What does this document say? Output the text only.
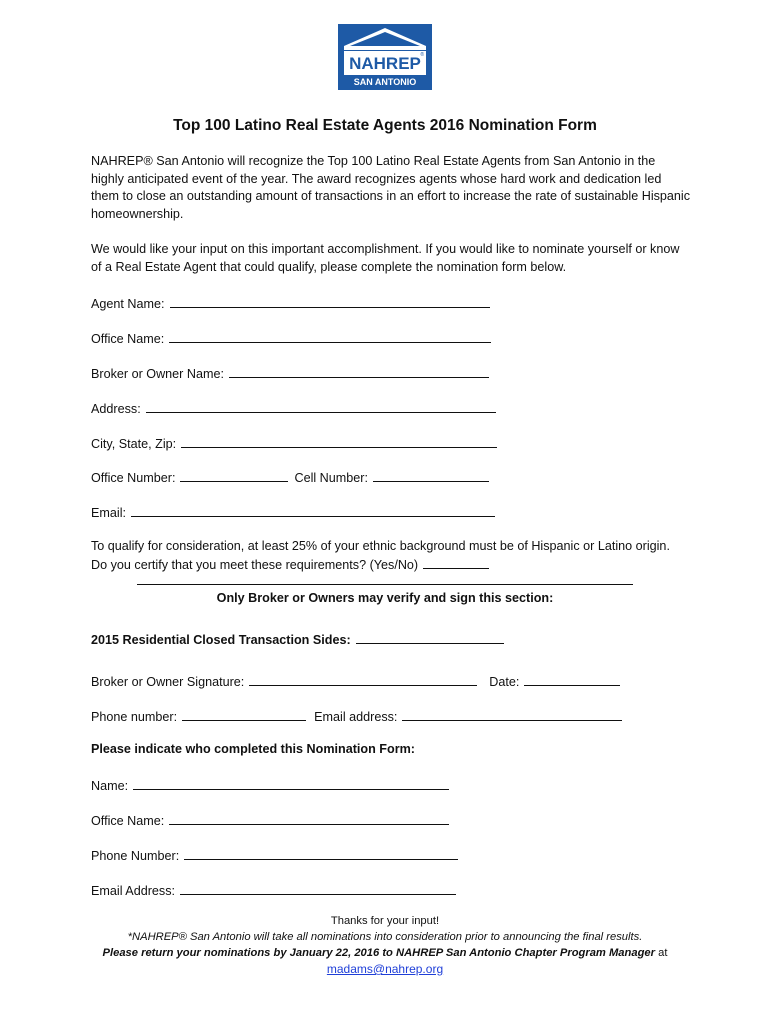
NAHREP ®
SAN ANTONIO
Top 100 Latino Real Estate Agents 2016 Nomination Form

NAHREP® San Antonio will recognize the Top 100 Latino Real Estate Agents from San Antonio in the highly anticipated event of the year. The award recognizes agents whose hard work and dedication led them to close an outstanding amount of transactions in an effort to increase the rate of sustainable Hispanic homeownership.

We would like your input on this important accomplishment. If you would like to nominate yourself or know of a Real Estate Agent that could qualify, please complete the nomination form below.

Agent Name:
Office Name:
Broker or Owner Name:
Address:
City, State, Zip:
Office Number:	Cell Number:
Email:
To qualify for consideration, at least 25% of your ethnic background must be of Hispanic or Latino origin.
Do you certify that you meet these requirements? (Yes/No)
Only Broker or Owners may verify and sign this section:
2015 Residential Closed Transaction Sides:
Broker or Owner Signature:	Date:
Phone number:	Email address:
Please indicate who completed this Nomination Form:
Name:
Office Name:
Phone Number:
Email Address:
Thanks for your input!
*NAHREP® San Antonio will take all nominations into consideration prior to announcing the final results.
Please return your nominations by January 22, 2016 to NAHREP San Antonio Chapter Program Manager at
madams@nahrep.org
